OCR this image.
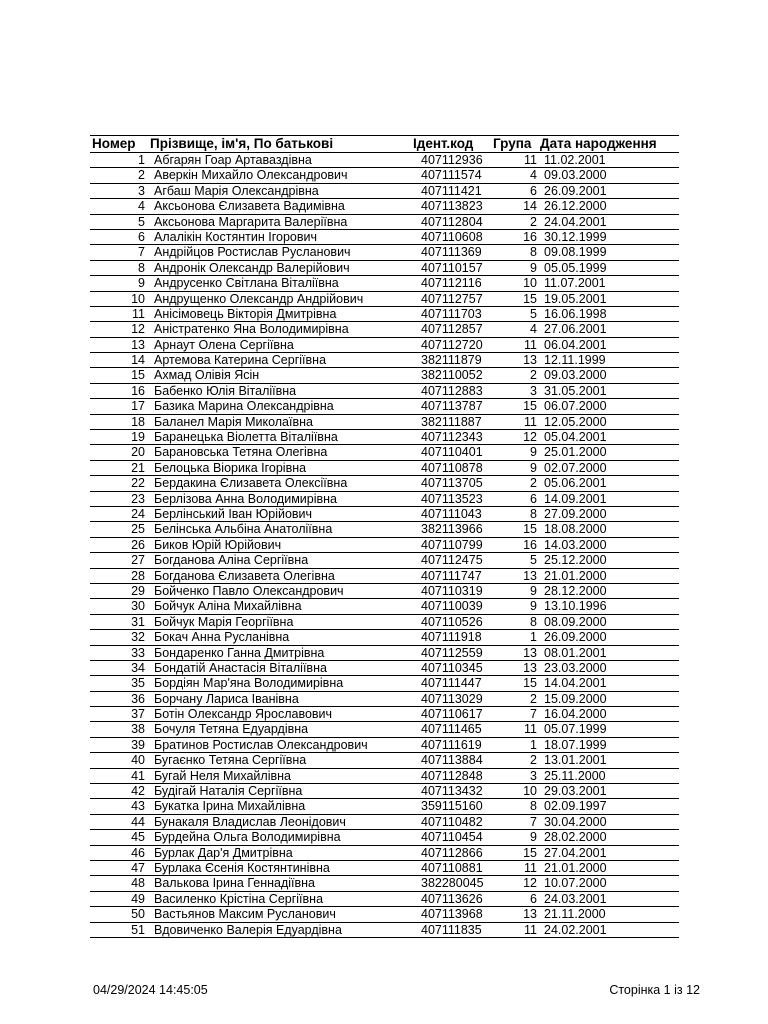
Номер Прізвище, ім'я, По батькові	Ідент.код Група Дата народження
1 Абгарян Гоар Артаваздівна	407112936	11 11.02.2001
2 Аверкін Михайло Олександрович	407111574	4 09.03.2000
3 Агбаш Марія Олександрівна	407111421	6 26.09.2001
4 Аксьонова Єлизавета Вадимівна	407113823	14 26.12.2000
5 Аксьонова Маргарита Валеріївна	407112804	2 24.04.2001
6 Алалікін Костянтин Ігорович	407110608	16 30.12.1999
7 Андрійцов Ростислав Русланович	407111369	8 09.08.1999
8 Андронік Олександр Валерійович	407110157	9 05.05.1999
9 Андрусенко Світлана Віталіївна	407112116	10 11.07.2001
10 Андрущенко Олександр Андрійович	407112757	15 19.05.2001
11 Анісімовець Вікторія Дмитрівна	407111703	5 16.06.1998
12 Аністратенко Яна Володимирівна	407112857	4 27.06.2001
13 Арнаут Олена Сергіївна	407112720	11 06.04.2001
14 Артемова Катерина Сергіївна	382111879	13 12.11.1999
15 Ахмад Олівія Ясін	382110052	2 09.03.2000
16 Бабенко Юлія Віталіївна	407112883	3 31.05.2001
17 Базика Марина Олександрівна	407113787	15 06.07.2000
18 Баланел Марія Миколаївна	382111887	11 12.05.2000
19 Баранецька Віолетта Віталіївна	407112343	12 05.04.2001
20 Барановська Тетяна Олегівна	407110401	9 25.01.2000
21 Белоцька Віорика Ігорівна	407110878	9 02.07.2000
22 Бердакина Єлизавета Олексіївна	407113705	2 05.06.2001
23 Берлізова Анна Володимирівна	407113523	6 14.09.2001
24 Берлінський Іван Юрійович	407111043	8 27.09.2000
25 Белінська Альбіна Анатоліївна	382113966	15 18.08.2000
26 Биков Юрій Юрійович	407110799	16 14.03.2000
27 Богданова Аліна Сергіївна	407112475	5 25.12.2000
28 Богданова Єлизавета Олегівна	407111747	13 21.01.2000
29 Бойченко Павло Олександрович	407110319	9 28.12.2000
30 Бойчук Аліна Михайлівна	407110039	9 13.10.1996
31 Бойчук Марія Георгіївна	407110526	8 08.09.2000
32 Бокач Анна Русланівна	407111918	1 26.09.2000
33 Бондаренко Ганна Дмитрівна	407112559	13 08.01.2001
34 Бондатій Анастасія Віталіївна	407110345	13 23.03.2000
35 Бордіян Мар'яна Володимирівна	407111447	15 14.04.2001
36 Борчану Лариса Іванівна	407113029	2 15.09.2000
37 Ботін Олександр Ярославович	407110617	7 16.04.2000
38 Бочуля Тетяна Едуардівна	407111465	11 05.07.1999
39 Братинов Ростислав Олександрович	407111619	1 18.07.1999
40 Бугаєнко Тетяна Сергіївна	407113884	2 13.01.2001
41 Бугай Неля Михайлівна	407112848	3 25.11.2000
42 Будігай Наталія Сергіївна	407113432	10 29.03.2001
43 Букатка Ірина Михайлівна	359115160	8 02.09.1997
44 Бунакаля Владислав Леонідович	407110482	7 30.04.2000
45 Бурдейна Ольга Володимирівна	407110454	9 28.02.2000
46 Бурлак Дар'я Дмитрівна	407112866	15 27.04.2001
47 Бурлака Єсенія Костянтинівна	407110881	11 21.01.2000
48 Валькова Ірина Геннадіївна	382280045	12 10.07.2000
49 Василенко Крістіна Сергіївна	407113626	6 24.03.2001
50 Вастьянов Максим Русланович	407113968	13 21.11.2000
51 Вдовиченко Валерія Едуардівна	407111835	11 24.02.2001
04/29/2024 14:45:05	Сторінка 1 із 12
